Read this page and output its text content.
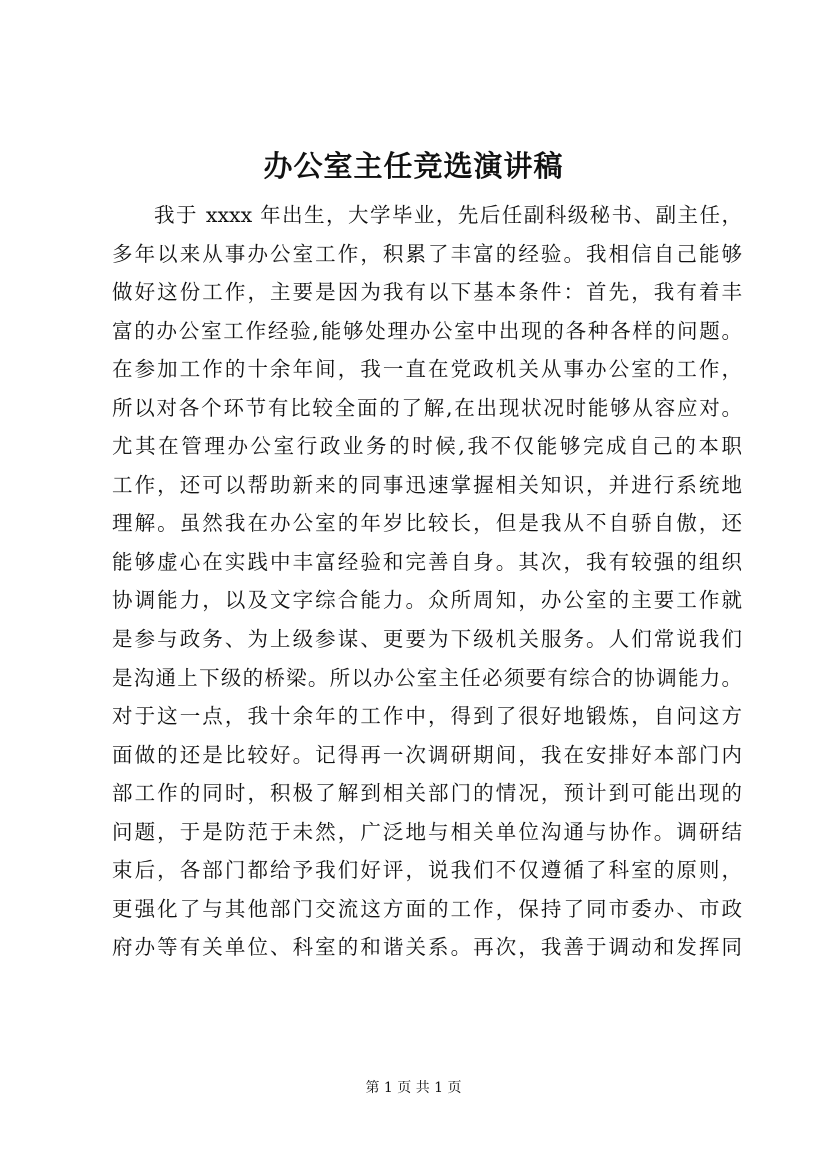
办公室主任竞选演讲稿
我于 xxxx 年出生，大学毕业，先后任副科级秘书、副主任，
多年以来从事办公室工作，积累了丰富的经验。我相信自己能够
做好这份工作，主要是因为我有以下基本条件：首先，我有着丰
富的办公室工作经验,能够处理办公室中出现的各种各样的问题。
在参加工作的十余年间，我一直在党政机关从事办公室的工作，
所以对各个环节有比较全面的了解,在出现状况时能够从容应对。
尤其在管理办公室行政业务的时候,我不仅能够完成自己的本职
工作，还可以帮助新来的同事迅速掌握相关知识，并进行系统地
理解。虽然我在办公室的年岁比较长，但是我从不自骄自傲，还
能够虚心在实践中丰富经验和完善自身。其次，我有较强的组织
协调能力，以及文字综合能力。众所周知，办公室的主要工作就
是参与政务、为上级参谋、更要为下级机关服务。人们常说我们
是沟通上下级的桥梁。所以办公室主任必须要有综合的协调能力。
对于这一点，我十余年的工作中，得到了很好地锻炼，自问这方
面做的还是比较好。记得再一次调研期间，我在安排好本部门内
部工作的同时，积极了解到相关部门的情况，预计到可能出现的
问题，于是防范于未然，广泛地与相关单位沟通与协作。调研结
束后，各部门都给予我们好评，说我们不仅遵循了科室的原则，
更强化了与其他部门交流这方面的工作，保持了同市委办、市政
府办等有关单位、科室的和谐关系。再次，我善于调动和发挥同
第 1 页 共 1 页
